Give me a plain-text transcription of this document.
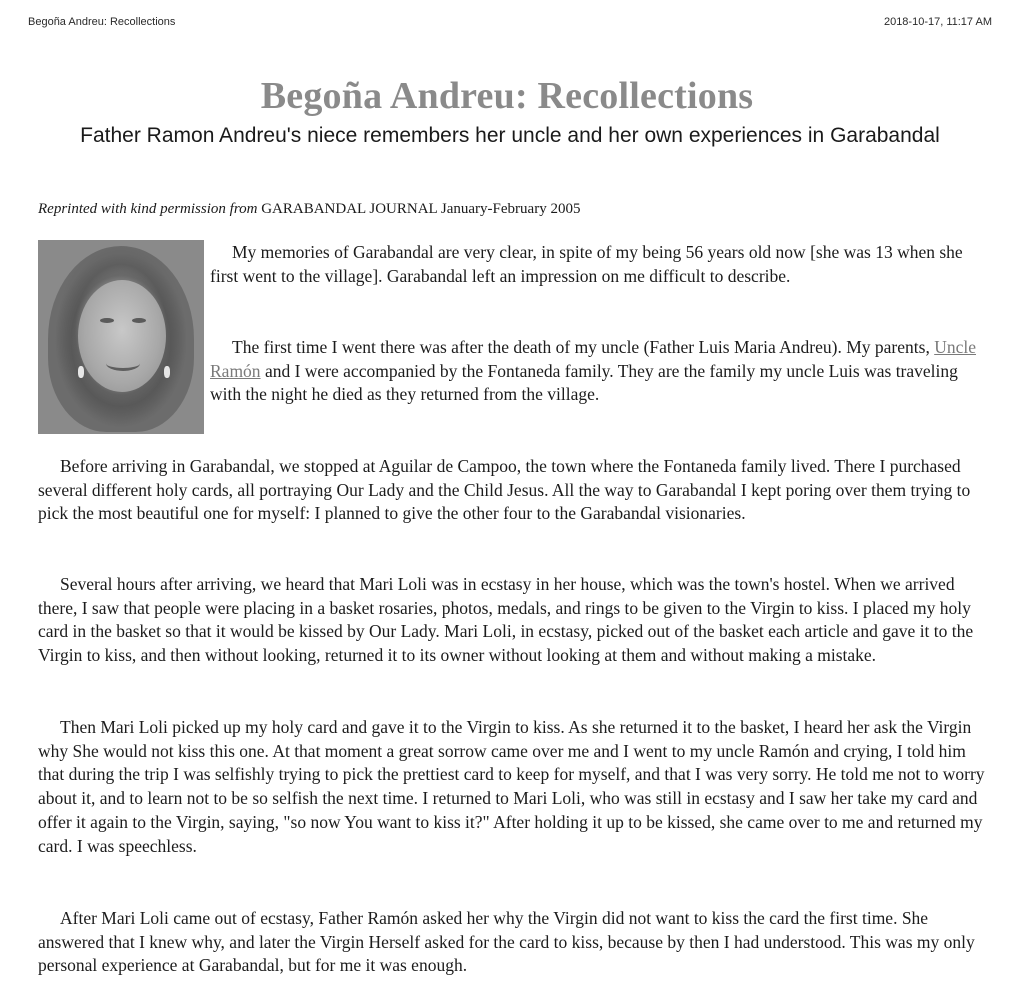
Begoña Andreu: Recollections	2018-10-17, 11:17 AM
Begoña Andreu: Recollections
Father Ramon Andreu's niece remembers her uncle and her own experiences in Garabandal
Reprinted with kind permission from GARABANDAL JOURNAL January-February 2005

My memories of Garabandal are very clear, in spite of my being 56 years old now [she was 13 when she first went to the village]. Garabandal left an impression on me difficult to describe.

The first time I went there was after the death of my uncle (Father Luis Maria Andreu). My parents, Uncle Ramón and I were accompanied by the Fontaneda family. They are the family my uncle Luis was traveling with the night he died as they returned from the village.

Before arriving in Garabandal, we stopped at Aguilar de Campoo, the town where the Fontaneda family lived. There I purchased several different holy cards, all portraying Our Lady and the Child Jesus. All the way to Garabandal I kept poring over them trying to pick the most beautiful one for myself: I planned to give the other four to the Garabandal visionaries.

Several hours after arriving, we heard that Mari Loli was in ecstasy in her house, which was the town's hostel. When we arrived there, I saw that people were placing in a basket rosaries, photos, medals, and rings to be given to the Virgin to kiss. I placed my holy card in the basket so that it would be kissed by Our Lady. Mari Loli, in ecstasy, picked out of the basket each article and gave it to the Virgin to kiss, and then without looking, returned it to its owner without looking at them and without making a mistake.

Then Mari Loli picked up my holy card and gave it to the Virgin to kiss. As she returned it to the basket, I heard her ask the Virgin why She would not kiss this one. At that moment a great sorrow came over me and I went to my uncle Ramón and crying, I told him that during the trip I was selfishly trying to pick the prettiest card to keep for myself, and that I was very sorry. He told me not to worry about it, and to learn not to be so selfish the next time. I returned to Mari Loli, who was still in ecstasy and I saw her take my card and offer it again to the Virgin, saying, "so now You want to kiss it?" After holding it up to be kissed, she came over to me and returned my card. I was speechless.

After Mari Loli came out of ecstasy, Father Ramón asked her why the Virgin did not want to kiss the card the first time. She answered that I knew why, and later the Virgin Herself asked for the card to kiss, because by then I had understood. This was my only personal experience at Garabandal, but for me it was enough.
